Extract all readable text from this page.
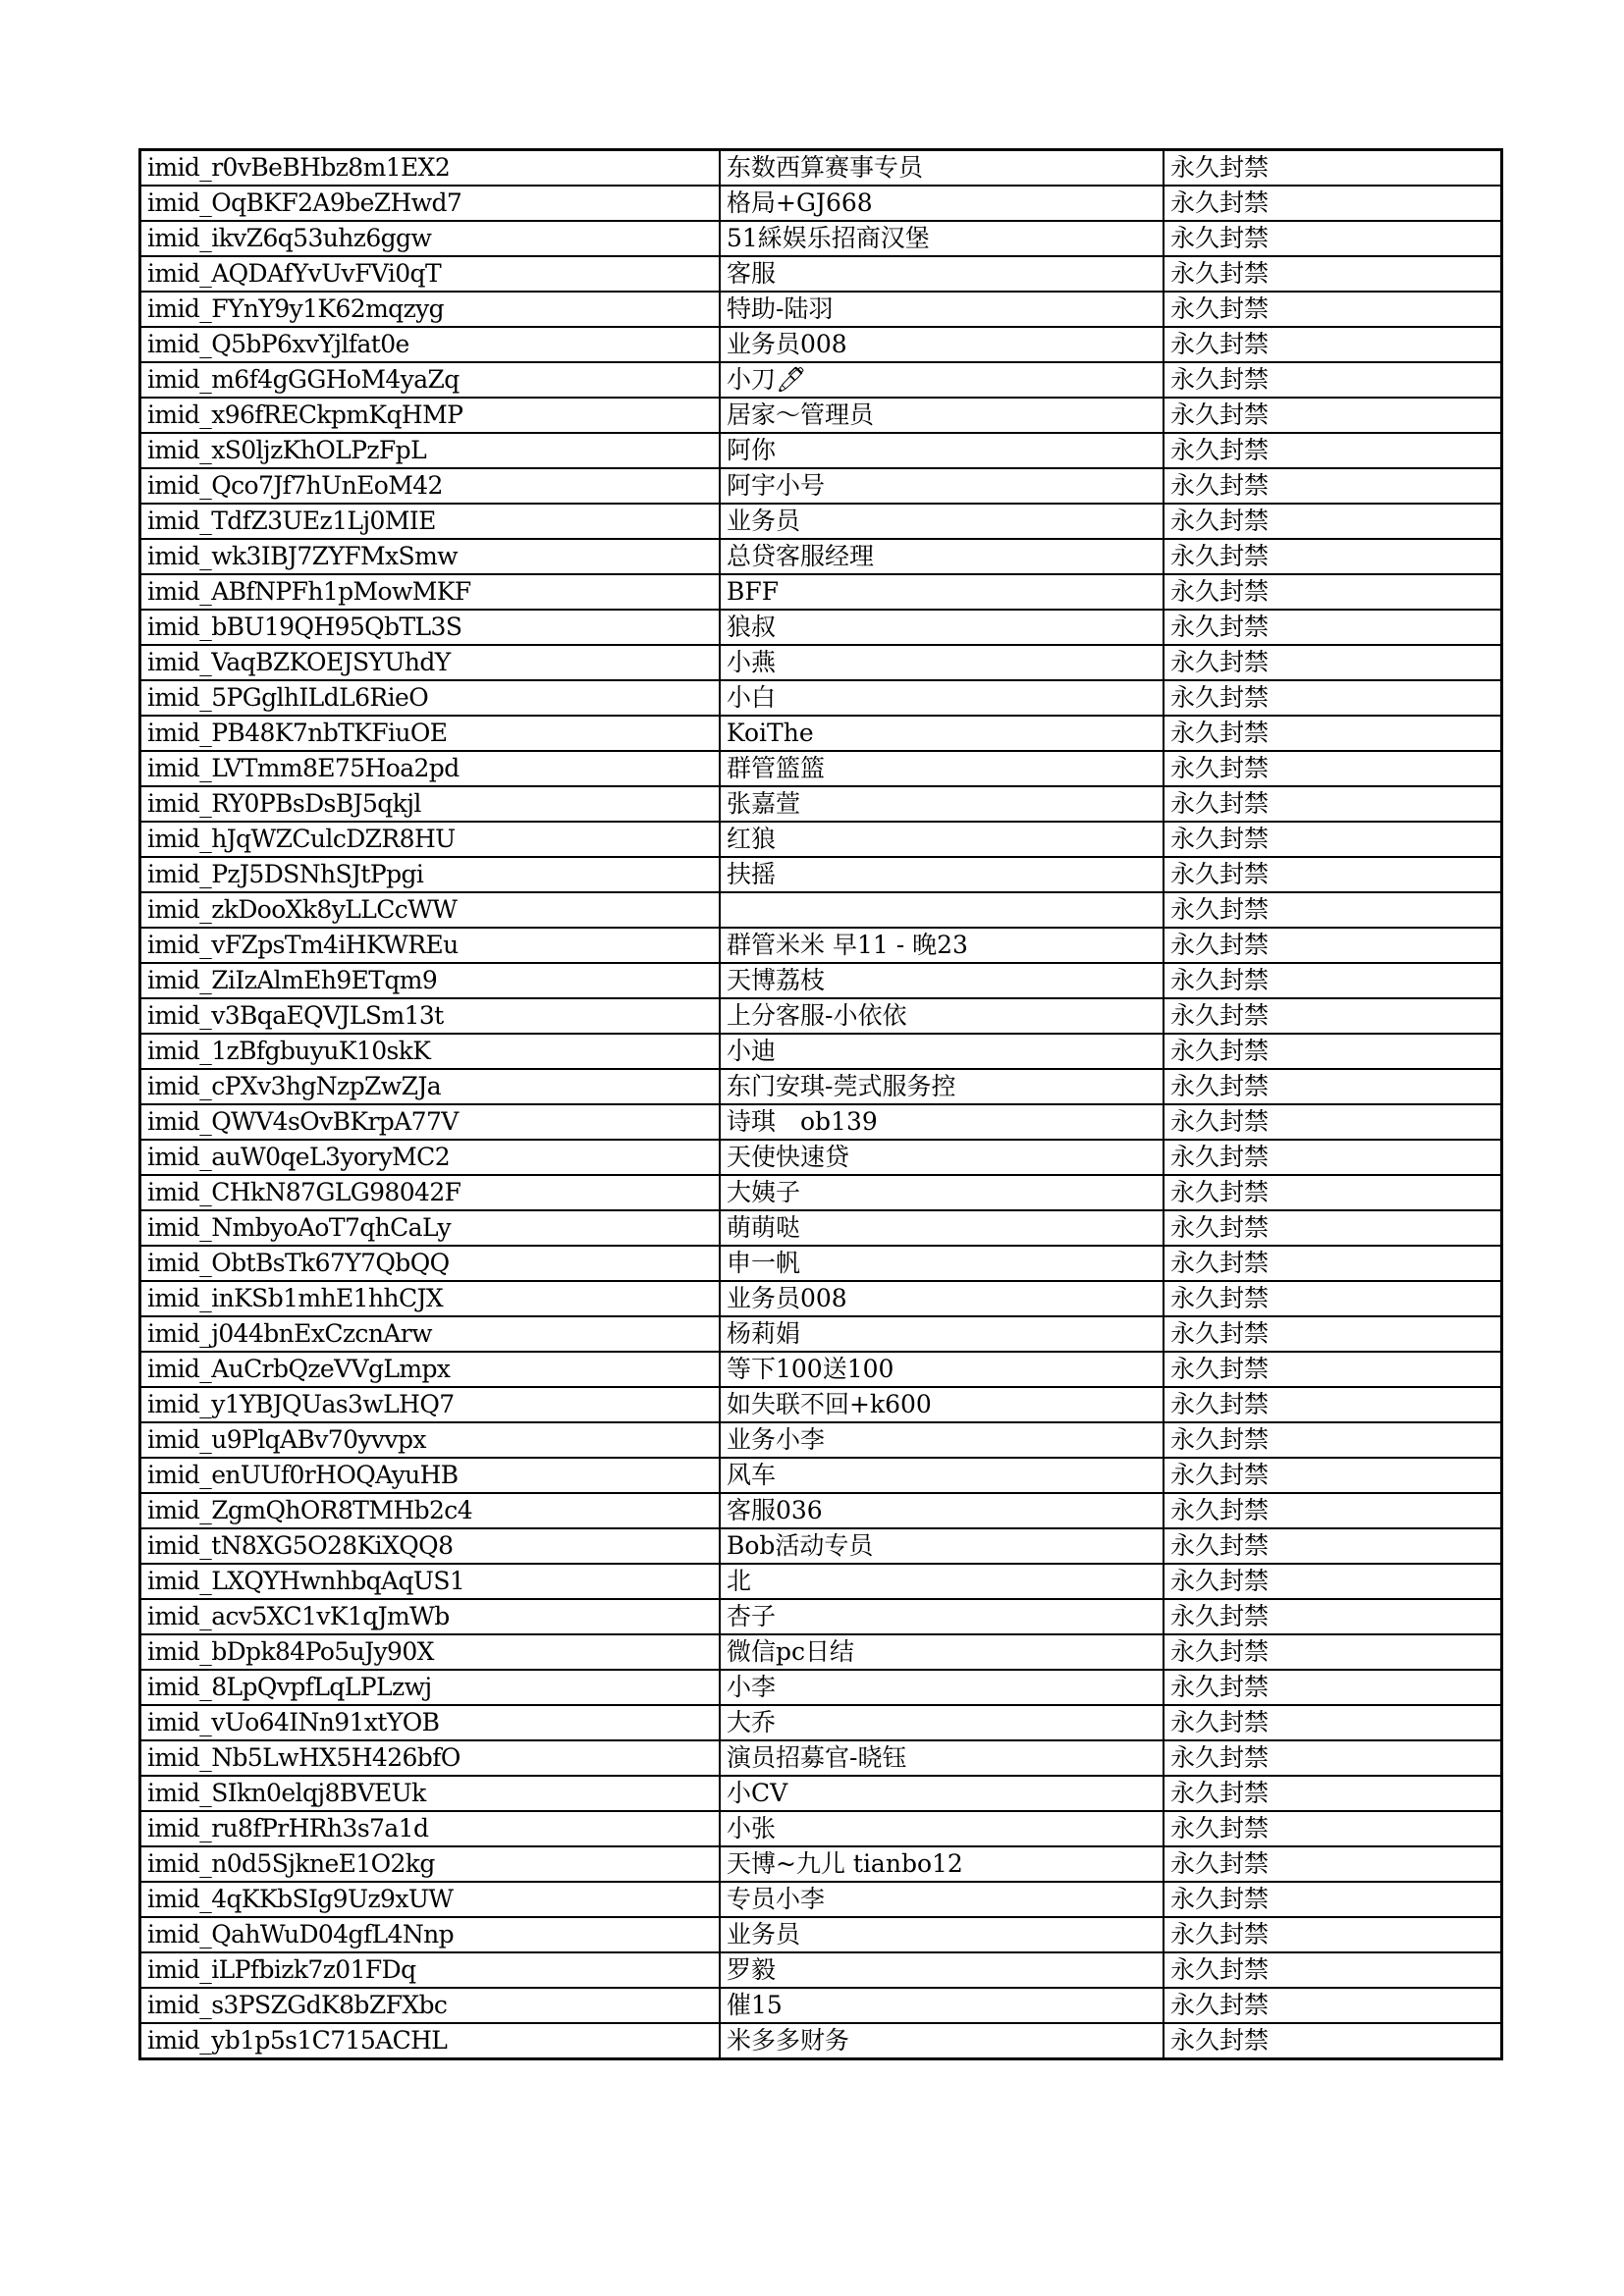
imid_r0vBeBHbz8m1EX2	东数西算赛事专员	永久封禁
imid_OqBKF2A9beZHwd7	格局+GJ668	永久封禁
imid_ikvZ6q53uhz6ggw	51綵娱乐招商汉堡	永久封禁
imid_AQDAfYvUvFVi0qT	客服	永久封禁
imid_FYnY9y1K62mqzyg	特助-陆羽	永久封禁
imid_Q5bP6xvYjlfat0e	业务员008	永久封禁
imid_m6f4gGGHoM4yaZq	小刀🖊	永久封禁
imid_x96fRECkpmKqHMP	居家～管理员	永久封禁
imid_xS0ljzKhOLPzFpL	阿你	永久封禁
imid_Qco7Jf7hUnEoM42	阿宇小号	永久封禁
imid_TdfZ3UEz1Lj0MIE	业务员	永久封禁
imid_wk3IBJ7ZYFMxSmw	总贷客服经理	永久封禁
imid_ABfNPFh1pMowMKF	BFF	永久封禁
imid_bBU19QH95QbTL3S	狼叔	永久封禁
imid_VaqBZKOEJSYUhdY	小燕	永久封禁
imid_5PGglhILdL6RieO	小白	永久封禁
imid_PB48K7nbTKFiuOE	KoiThe	永久封禁
imid_LVTmm8E75Hoa2pd	群管篮篮	永久封禁
imid_RY0PBsDsBJ5qkjl	张嘉萱	永久封禁
imid_hJqWZCulcDZR8HU	红狼	永久封禁
imid_PzJ5DSNhSJtPpgi	扶摇	永久封禁
imid_zkDooXk8yLLCcWW		永久封禁
imid_vFZpsTm4iHKWREu	群管米米 早11 - 晚23	永久封禁
imid_ZiIzAlmEh9ETqm9	天博荔枝	永久封禁
imid_v3BqaEQVJLSm13t	上分客服-小依依	永久封禁
imid_1zBfgbuyuK10skK	小迪	永久封禁
imid_cPXv3hgNzpZwZJa	东门安琪-莞式服务控	永久封禁
imid_QWV4sOvBKrpA77V	诗琪　ob139	永久封禁
imid_auW0qeL3yoryMC2	天使快速贷	永久封禁
imid_CHkN87GLG98042F	大姨子	永久封禁
imid_NmbyoAoT7qhCaLy	萌萌哒	永久封禁
imid_ObtBsTk67Y7QbQQ	申一帆	永久封禁
imid_inKSb1mhE1hhCJX	业务员008	永久封禁
imid_j044bnExCzcnArw	杨莉娟	永久封禁
imid_AuCrbQzeVVgLmpx	等下100送100	永久封禁
imid_y1YBJQUas3wLHQ7	如失联不回+k600	永久封禁
imid_u9PlqABv70yvvpx	业务小李	永久封禁
imid_enUUf0rHOQAyuHB	风车	永久封禁
imid_ZgmQhOR8TMHb2c4	客服036	永久封禁
imid_tN8XG5O28KiXQQ8	Bob活动专员	永久封禁
imid_LXQYHwnhbqAqUS1	北	永久封禁
imid_acv5XC1vK1qJmWb	杏子	永久封禁
imid_bDpk84Po5uJy90X	微信pc日结	永久封禁
imid_8LpQvpfLqLPLzwj	小李	永久封禁
imid_vUo64INn91xtYOB	大乔	永久封禁
imid_Nb5LwHX5H426bfO	演员招募官-晓钰	永久封禁
imid_SIkn0elqj8BVEUk	小CV	永久封禁
imid_ru8fPrHRh3s7a1d	小张	永久封禁
imid_n0d5SjkneE1O2kg	天博~九儿 tianbo12	永久封禁
imid_4qKKbSIg9Uz9xUW	专员小李	永久封禁
imid_QahWuD04gfL4Nnp	业务员	永久封禁
imid_iLPfbizk7z01FDq	罗毅	永久封禁
imid_s3PSZGdK8bZFXbc	催15	永久封禁
imid_yb1p5s1C715ACHL	米多多财务	永久封禁
